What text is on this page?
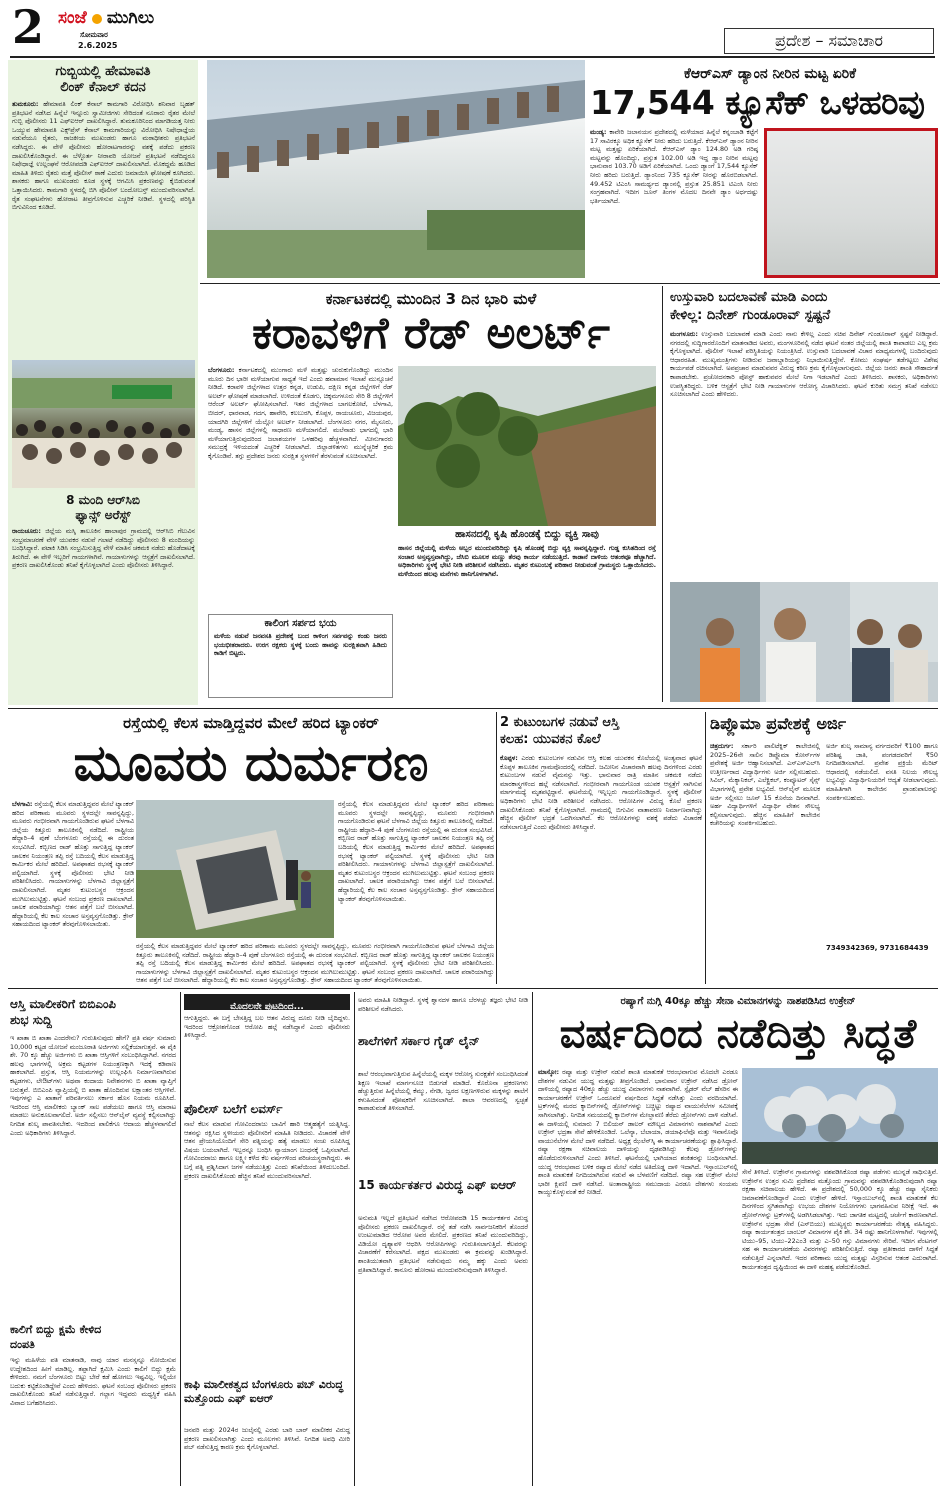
2 ಸಂಜೆ ಮುಗಿಲು
ಸೋಮವಾರ
2.6.2025	ಪ್ರದೇಶ – ಸಮಾಚಾರ
ಗುಬ್ಬಿಯಲ್ಲಿ ಹೇಮಾವತಿ
ಲಿಂಕ್ ಕೆನಾಲ್ ಕದನ
ತುಮಕೂರು: ಹೇಮಾವತಿ ಲಿಂಕ್ ಕೆನಾಲ್ ಕಾಮಗಾರಿ ವಿರೋಧಿಸಿ ಶನಿವಾರ ಬೃಹತ್ ಪ್ರತಿಭಟನೆ ನಡೆಸಿದ ಹಿನ್ನೆಲೆ ಇನ್ನೂರು ಸ್ವಾಮೀಜಿಗಳು ಸೇರಿದಂತೆ ನೂರಾರು ರೈತರ ಮೇಲೆ ಗುಬ್ಬಿ ಪೊಲೀಸರು 11 ಎಫ್‌ಐಆರ್ ದಾಖಲಿಸಿದ್ದಾರೆ. ತುಮಕೂರಿನಿಂದ ಮಾಗಡಿಯತ್ತ ನೀರು ಒಯ್ಯುವ ಹೇಮಾವತಿ ಎಕ್ಸ್‌ಪ್ರೆಸ್ ಕೆನಾಲ್ ಕಾಮಗಾರಿಯನ್ನು ವಿರೋಧಿಸಿ ನಿಷೇಧಾಜ್ಞೆಯ ನಡುವೆಯೂ ರೈತರು, ರಾಜಕೀಯ ಮುಖಂಡರು ಹಾಗೂ ಮಠಾಧೀಶರು ಪ್ರತಿಭಟನೆ ನಡೆಸಿದ್ದರು. ಈ ವೇಳೆ ಪೊಲೀಸರು ಹೋರಾಟಗಾರರನ್ನು ವಶಕ್ಕೆ ಪಡೆದು ಪ್ರಕರಣ ದಾಖಲಿಸಿಕೊಂಡಿದ್ದಾರೆ. ಈ ಬೆಳ್ಳೊರ್ತ ನೀರಾವರಿ ಯೋಜನೆ ಪ್ರತಿಭಟನೆ ನಡೆದಿದ್ದರೂ ನಿಷೇಧಾಜ್ಞೆ ಉಲ್ಲಂಘನೆ ಆರೋಪದಡಿ ಎಫ್‌ಐಆರ್ ದಾಖಲಿಸಲಾಗಿದೆ. ಮೊಕದ್ದಮೆ ಹೂಡಿದ ಮಾಹಿತಿ ತಿಳಿದು ರೈತರು ಮತ್ತೆ ಪೊಲೀಸ್ ಠಾಣೆ ಎದುರು ಜಮಾಯಿಸಿ ಘೋಷಣೆ ಕೂಗಿದರು. ಶಾಸಕರು ಹಾಗೂ ಮುಖಂಡರು ಕೂಡ ಸ್ಥಳಕ್ಕೆ ಆಗಮಿಸಿ ಪ್ರಕರಣವನ್ನು ಕೈಬಿಡುವಂತೆ ಒತ್ತಾಯಿಸಿದರು. ಕಾಮಗಾರಿ ಸ್ಥಳದಲ್ಲಿ ಬಿಗಿ ಪೊಲೀಸ್ ಬಂದೋಬಸ್ತ್ ಮುಂದುವರಿಸಲಾಗಿದೆ. ರೈತ ಸಂಘಟನೆಗಳು ಹೋರಾಟ ತೀವ್ರಗೊಳಿಸುವ ಎಚ್ಚರಿಕೆ ನೀಡಿವೆ. ಸ್ಥಳದಲ್ಲಿ ಪರಿಸ್ಥಿತಿ ಬಿಗುವಿನಿಂದ ಕೂಡಿದೆ.
8 ಮಂದಿ ಆರ್‌ಸಿಬಿ
ಫ್ಯಾನ್ಸ್ ಅರೆಸ್ಟ್
ರಾಯಚೂರು: ಜಿಲ್ಲೆಯ ಮಸ್ಕಿ ತಾಲೂಕಿನ ಹಾಲಾಪುರ ಗ್ರಾಮದಲ್ಲಿ ಆರ್‌ಸಿಬಿ ಗೆಲುವಿನ ಸಂಭ್ರಮಾಚರಣೆ ವೇಳೆ ಯುವಕರ ನಡುವೆ ಗಲಾಟೆ ನಡೆದಿದ್ದು ಪೊಲೀಸರು 8 ಮಂದಿಯನ್ನು ಬಂಧಿಸಿದ್ದಾರೆ. ಪಟಾಕಿ ಸಿಡಿಸಿ ಸಂಭ್ರಮಿಸುತ್ತಿದ್ದ ವೇಳೆ ಮಾತಿನ ಚಕಮಕಿ ನಡೆದು ಹೊಡೆದಾಟಕ್ಕೆ ತಿರುಗಿದೆ. ಈ ವೇಳೆ ಇಬ್ಬರಿಗೆ ಗಾಯಗಳಾಗಿವೆ. ಗಾಯಾಳುಗಳನ್ನು ಆಸ್ಪತ್ರೆಗೆ ದಾಖಲಿಸಲಾಗಿದೆ. ಪ್ರಕರಣ ದಾಖಲಿಸಿಕೊಂಡು ತನಿಖೆ ಕೈಗೊಳ್ಳಲಾಗಿದೆ ಎಂದು ಪೊಲೀಸರು ತಿಳಿಸಿದ್ದಾರೆ.
ಕೆಆರ್‌ಎಸ್ ಡ್ಯಾಂನ ನೀರಿನ ಮಟ್ಟ ಏರಿಕೆ
17,544 ಕ್ಯೂಸೆಕ್ ಒಳಹರಿವು
ಮಂಡ್ಯ: ಕಾವೇರಿ ಜಲಾನಯನ ಪ್ರದೇಶದಲ್ಲಿ ಮಳೆಯಾದ ಹಿನ್ನೆಲೆ ಕನ್ನಂಬಾಡಿ ಕಟ್ಟೆಗೆ 17 ಸಾವಿರಕ್ಕೂ ಅಧಿಕ ಕ್ಯೂಸೆಕ್ ನೀರು ಹರಿದು ಬರುತ್ತಿದೆ. ಕೆಆರ್‌ಎಸ್ ಡ್ಯಾಂನ ನೀರಿನ ಮಟ್ಟ ಮತ್ತಷ್ಟು ಏರಿಕೆಯಾಗಿದೆ. ಕೆಆರ್‌ಎಸ್ ಡ್ಯಾಂ 124.80 ಅಡಿ ಗರಿಷ್ಠ ಮಟ್ಟವನ್ನು ಹೊಂದಿದ್ದು, ಪ್ರಸ್ತುತ 102.00 ಅಡಿ ಇದ್ದ ಡ್ಯಾಂ ನೀರಿನ ಮಟ್ಟವು ಭಾನುವಾರ 103.70 ಅಡಿಗೆ ಏರಿಕೆಯಾಗಿದೆ. ಒಂದು ಡ್ಯಾಂಗೆ 17,544 ಕ್ಯೂಸೆಕ್ ನೀರು ಹರಿದು ಬರುತ್ತಿದೆ. ಡ್ಯಾಂನಿಂದ 735 ಕ್ಯೂಸೆಕ್ ನೀರನ್ನು ಹೊರಬಿಡಲಾಗಿದೆ. 49.452 ಟಿಎಂಸಿ ಸಾಮರ್ಥ್ಯದ ಡ್ಯಾಂನಲ್ಲಿ ಪ್ರಸ್ತುತ 25.851 ಟಿಎಂಸಿ ನೀರು ಸಂಗ್ರಹವಾಗಿದೆ. ಇದೀಗ ಜೂನ್ ತಿಂಗಳ ಮೊದಲ ದಿನವೇ ಡ್ಯಾಂ ಅರ್ಧದಷ್ಟು ಭರ್ತಿಯಾಗಿದೆ.
ಕರ್ನಾಟಕದಲ್ಲಿ ಮುಂದಿನ 3 ದಿನ ಭಾರಿ ಮಳೆ
ಕರಾವಳಿಗೆ ರೆಡ್ ಅಲರ್ಟ್
ಬೆಂಗಳೂರು: ಕರ್ನಾಟಕದಲ್ಲಿ ಮುಂಗಾರು ಮಳೆ ಮತ್ತಷ್ಟು ಚುರುಕುಗೊಂಡಿದ್ದು ಮುಂದಿನ ಮೂರು ದಿನ ಭಾರೀ ಮಳೆಯಾಗುವ ಸಾಧ್ಯತೆ ಇದೆ ಎಂದು ಹವಾಮಾನ ಇಲಾಖೆ ಮುನ್ಸೂಚನೆ ನೀಡಿದೆ. ಕರಾವಳಿ ಜಿಲ್ಲೆಗಳಾದ ಉತ್ತರ ಕನ್ನಡ, ಉಡುಪಿ, ದಕ್ಷಿಣ ಕನ್ನಡ ಜಿಲ್ಲೆಗಳಿಗೆ ರೆಡ್ ಅಲರ್ಟ್ ಘೋಷಣೆ ಮಾಡಲಾಗಿದೆ. ಉಳಿದಂತೆ ಕೊಡಗು, ಚಿಕ್ಕಮಗಳೂರು ಸೇರಿ 8 ಜಿಲ್ಲೆಗಳಿಗೆ ಆರೆಂಜ್ ಅಲರ್ಟ್ ಘೋಷಿಸಲಾಗಿದೆ. ಇತರ ಜಿಲ್ಲೆಗಳಾದ ಬಾಗಲಕೋಟೆ, ಬೆಳಗಾವಿ, ಬೀದರ್, ಧಾರವಾಡ, ಗದಗ, ಹಾವೇರಿ, ಕಲಬುರಗಿ, ಕೊಪ್ಪಳ, ರಾಯಚೂರು, ವಿಜಯಪುರ, ಯಾದಗಿರಿ ಜಿಲ್ಲೆಗಳಿಗೆ ಯೆಲ್ಲೋ ಅಲರ್ಟ್ ನೀಡಲಾಗಿದೆ. ಬೆಂಗಳೂರು ನಗರ, ಮೈಸೂರು, ಮಂಡ್ಯ, ಹಾಸನ ಜಿಲ್ಲೆಗಳಲ್ಲಿ ಸಾಧಾರಣ ಮಳೆಯಾಗಲಿದೆ. ಮಲೆನಾಡು ಭಾಗದಲ್ಲಿ ಭಾರಿ ಮಳೆಯಾಗುತ್ತಿರುವುದರಿಂದ ಜಲಾಶಯಗಳ ಒಳಹರಿವು ಹೆಚ್ಚಳವಾಗಿದೆ. ಮೀನುಗಾರರು ಸಮುದ್ರಕ್ಕೆ ಇಳಿಯದಂತೆ ಎಚ್ಚರಿಕೆ ನೀಡಲಾಗಿದೆ. ಜಿಲ್ಲಾಡಳಿತಗಳು ಮುನ್ನೆಚ್ಚರಿಕೆ ಕ್ರಮ ಕೈಗೊಂಡಿವೆ. ತಗ್ಗು ಪ್ರದೇಶದ ಜನರು ಸುರಕ್ಷಿತ ಸ್ಥಳಗಳಿಗೆ ತೆರಳುವಂತೆ ಸೂಚಿಸಲಾಗಿದೆ.
ಹಾಸನದಲ್ಲಿ ಕೃಷಿ ಹೊಂಡಕ್ಕೆ ಬಿದ್ದು ವ್ಯಕ್ತಿ ಸಾವು
ಹಾಸನ ಜಿಲ್ಲೆಯಲ್ಲಿ ಮಳೆಯ ಅಬ್ಬರ ಮುಂದುವರಿದಿದ್ದು ಕೃಷಿ ಹೊಂಡಕ್ಕೆ ಬಿದ್ದು ವ್ಯಕ್ತಿ ಸಾವನ್ನಪ್ಪಿದ್ದಾರೆ. ಗುಡ್ಡ ಕುಸಿತದಿಂದ ರಸ್ತೆ ಸಂಚಾರ ಅಸ್ತವ್ಯಸ್ತವಾಗಿದ್ದು, ಜೆಸಿಬಿ ಮೂಲಕ ಮಣ್ಣು ತೆರವು ಕಾರ್ಯ ನಡೆಯುತ್ತಿದೆ. ಕಾಡಾನೆ ದಾಳಿಯ ಆತಂಕವೂ ಹೆಚ್ಚಾಗಿದೆ. ಅಧಿಕಾರಿಗಳು ಸ್ಥಳಕ್ಕೆ ಭೇಟಿ ನೀಡಿ ಪರಿಶೀಲನೆ ನಡೆಸಿದರು. ಮೃತರ ಕುಟುಂಬಕ್ಕೆ ಪರಿಹಾರ ನೀಡುವಂತೆ ಗ್ರಾಮಸ್ಥರು ಒತ್ತಾಯಿಸಿದರು. ಮಳೆಯಿಂದ ಹಲವು ಮನೆಗಳು ಹಾನಿಗೊಳಗಾಗಿವೆ.
ಕಾಲಿಂಗ ಸರ್ಪದ ಭಯ
ಮಳೆಯ ನಡುವೆ ಜನವಸತಿ ಪ್ರದೇಶಕ್ಕೆ ಬಂದ ಕಾಳಿಂಗ ಸರ್ಪವನ್ನು ಕಂಡು ಜನರು ಭಯಭೀತರಾದರು. ಉರಗ ರಕ್ಷಕರು ಸ್ಥಳಕ್ಕೆ ಬಂದು ಹಾವನ್ನು ಸುರಕ್ಷಿತವಾಗಿ ಹಿಡಿದು ಕಾಡಿಗೆ ಬಿಟ್ಟರು.
ಉಸ್ತುವಾರಿ ಬದಲಾವಣೆ ಮಾಡಿ ಎಂದು
ಕೇಳಿಲ್ಲ: ದಿನೇಶ್ ಗುಂಡೂರಾವ್ ಸ್ಪಷ್ಟನೆ
ಮಂಗಳೂರು: ಉಸ್ತುವಾರಿ ಬದಲಾವಣೆ ಮಾಡಿ ಎಂದು ನಾನು ಕೇಳಿಲ್ಲ ಎಂದು ಸಚಿವ ದಿನೇಶ್ ಗುಂಡೂರಾವ್ ಸ್ಪಷ್ಟನೆ ನೀಡಿದ್ದಾರೆ. ನಗರದಲ್ಲಿ ಸುದ್ದಿಗಾರರೊಂದಿಗೆ ಮಾತನಾಡಿದ ಅವರು, ಮಂಗಳೂರಿನಲ್ಲಿ ನಡೆದ ಘಟನೆ ನಂತರ ಜಿಲ್ಲೆಯಲ್ಲಿ ಶಾಂತಿ ಕಾಪಾಡಲು ಎಲ್ಲ ಕ್ರಮ ಕೈಗೊಳ್ಳಲಾಗಿದೆ. ಪೊಲೀಸ್ ಇಲಾಖೆ ಪರಿಸ್ಥಿತಿಯನ್ನು ನಿಯಂತ್ರಿಸಿದೆ. ಉಸ್ತುವಾರಿ ಬದಲಾವಣೆ ವಿಚಾರ ಮಾಧ್ಯಮಗಳಲ್ಲಿ ಬಂದಿರುವುದು ಆಧಾರರಹಿತ. ಮುಖ್ಯಮಂತ್ರಿಗಳು ನೀಡಿರುವ ಜವಾಬ್ದಾರಿಯನ್ನು ನಿಭಾಯಿಸುತ್ತಿದ್ದೇನೆ. ಕೋಮು ಸಂಘರ್ಷ ತಡೆಗಟ್ಟಲು ವಿಶೇಷ ಕಾರ್ಯಪಡೆ ರಚಿಸಲಾಗಿದೆ. ಅಪಪ್ರಚಾರ ಮಾಡುವವರ ವಿರುದ್ಧ ಕಠಿಣ ಕ್ರಮ ಕೈಗೊಳ್ಳಲಾಗುವುದು. ಜಿಲ್ಲೆಯ ಜನರು ಶಾಂತಿ ಸೌಹಾರ್ದತೆ ಕಾಪಾಡಬೇಕು. ಪ್ರಚೋದನಕಾರಿ ಪೋಸ್ಟ್ ಹಾಕುವವರ ಮೇಲೆ ನಿಗಾ ಇಡಲಾಗಿದೆ ಎಂದು ತಿಳಿಸಿದರು. ಶಾಸಕರು, ಅಧಿಕಾರಿಗಳು ಉಪಸ್ಥಿತರಿದ್ದರು. ಬಳಿಕ ಆಸ್ಪತ್ರೆಗೆ ಭೇಟಿ ನೀಡಿ ಗಾಯಾಳುಗಳ ಆರೋಗ್ಯ ವಿಚಾರಿಸಿದರು. ಘಟನೆ ಕುರಿತು ಸಮಗ್ರ ತನಿಖೆ ನಡೆಸಲು ಸೂಚಿಸಲಾಗಿದೆ ಎಂದು ಹೇಳಿದರು.
ರಸ್ತೆಯಲ್ಲಿ ಕೆಲಸ ಮಾಡ್ತಿದ್ದವರ ಮೇಲೆ ಹರಿದ ಟ್ಯಾಂಕರ್
ಮೂವರು ದುರ್ಮರಣ
ಬೆಳಗಾವಿ: ರಸ್ತೆಯಲ್ಲಿ ಕೆಲಸ ಮಾಡುತ್ತಿದ್ದವರ ಮೇಲೆ ಟ್ಯಾಂಕರ್ ಹರಿದ ಪರಿಣಾಮ ಮೂವರು ಸ್ಥಳದಲ್ಲೇ ಸಾವನ್ನಪ್ಪಿದ್ದು, ಮೂವರು ಗಂಭೀರವಾಗಿ ಗಾಯಗೊಂಡಿರುವ ಘಟನೆ ಬೆಳಗಾವಿ ಜಿಲ್ಲೆಯ ಕಿತ್ತೂರು ತಾಲೂಕಿನಲ್ಲಿ ನಡೆದಿದೆ. ರಾಷ್ಟ್ರೀಯ ಹೆದ್ದಾರಿ–4 ಪುಣೆ ಬೆಂಗಳೂರು ರಸ್ತೆಯಲ್ಲಿ ಈ ದುರಂತ ಸಂಭವಿಸಿದೆ. ಕಬ್ಬಿಣದ ರಾಡ್ ಹೊತ್ತು ಸಾಗುತ್ತಿದ್ದ ಟ್ಯಾಂಕರ್ ಚಾಲಕನ ನಿಯಂತ್ರಣ ತಪ್ಪಿ ರಸ್ತೆ ಬದಿಯಲ್ಲಿ ಕೆಲಸ ಮಾಡುತ್ತಿದ್ದ ಕಾರ್ಮಿಕರ ಮೇಲೆ ಹರಿದಿದೆ. ಅಪಘಾತದ ರಭಸಕ್ಕೆ ಟ್ಯಾಂಕರ್ ಪಲ್ಟಿಯಾಗಿದೆ. ಸ್ಥಳಕ್ಕೆ ಪೊಲೀಸರು ಭೇಟಿ ನೀಡಿ ಪರಿಶೀಲಿಸಿದರು. ಗಾಯಾಳುಗಳನ್ನು ಬೆಳಗಾವಿ ಜಿಲ್ಲಾಸ್ಪತ್ರೆಗೆ ದಾಖಲಿಸಲಾಗಿದೆ. ಮೃತರ ಕುಟುಂಬಸ್ಥರ ಆಕ್ರಂದನ ಮುಗಿಲುಮುಟ್ಟಿತ್ತು. ಘಟನೆ ಸಂಬಂಧ ಪ್ರಕರಣ ದಾಖಲಾಗಿದೆ. ಚಾಲಕ ಪರಾರಿಯಾಗಿದ್ದು ಆತನ ಪತ್ತೆಗೆ ಬಲೆ ಬೀಸಲಾಗಿದೆ. ಹೆದ್ದಾರಿಯಲ್ಲಿ ಕೆಲ ಕಾಲ ಸಂಚಾರ ಅಸ್ತವ್ಯಸ್ತಗೊಂಡಿತ್ತು. ಕ್ರೇನ್ ಸಹಾಯದಿಂದ ಟ್ಯಾಂಕರ್ ತೆರವುಗೊಳಿಸಲಾಯಿತು.
ರಸ್ತೆಯಲ್ಲಿ ಕೆಲಸ ಮಾಡುತ್ತಿದ್ದವರ ಮೇಲೆ ಟ್ಯಾಂಕರ್ ಹರಿದ ಪರಿಣಾಮ ಮೂವರು ಸ್ಥಳದಲ್ಲೇ ಸಾವನ್ನಪ್ಪಿದ್ದು, ಮೂವರು ಗಂಭೀರವಾಗಿ ಗಾಯಗೊಂಡಿರುವ ಘಟನೆ ಬೆಳಗಾವಿ ಜಿಲ್ಲೆಯ ಕಿತ್ತೂರು ತಾಲೂಕಿನಲ್ಲಿ ನಡೆದಿದೆ. ರಾಷ್ಟ್ರೀಯ ಹೆದ್ದಾರಿ–4 ಪುಣೆ ಬೆಂಗಳೂರು ರಸ್ತೆಯಲ್ಲಿ ಈ ದುರಂತ ಸಂಭವಿಸಿದೆ. ಕಬ್ಬಿಣದ ರಾಡ್ ಹೊತ್ತು ಸಾಗುತ್ತಿದ್ದ ಟ್ಯಾಂಕರ್ ಚಾಲಕನ ನಿಯಂತ್ರಣ ತಪ್ಪಿ ರಸ್ತೆ ಬದಿಯಲ್ಲಿ ಕೆಲಸ ಮಾಡುತ್ತಿದ್ದ ಕಾರ್ಮಿಕರ ಮೇಲೆ ಹರಿದಿದೆ. ಅಪಘಾತದ ರಭಸಕ್ಕೆ ಟ್ಯಾಂಕರ್ ಪಲ್ಟಿಯಾಗಿದೆ. ಸ್ಥಳಕ್ಕೆ ಪೊಲೀಸರು ಭೇಟಿ ನೀಡಿ ಪರಿಶೀಲಿಸಿದರು. ಗಾಯಾಳುಗಳನ್ನು ಬೆಳಗಾವಿ ಜಿಲ್ಲಾಸ್ಪತ್ರೆಗೆ ದಾಖಲಿಸಲಾಗಿದೆ. ಮೃತರ ಕುಟುಂಬಸ್ಥರ ಆಕ್ರಂದನ ಮುಗಿಲುಮುಟ್ಟಿತ್ತು. ಘಟನೆ ಸಂಬಂಧ ಪ್ರಕರಣ ದಾಖಲಾಗಿದೆ. ಚಾಲಕ ಪರಾರಿಯಾಗಿದ್ದು ಆತನ ಪತ್ತೆಗೆ ಬಲೆ ಬೀಸಲಾಗಿದೆ. ಹೆದ್ದಾರಿಯಲ್ಲಿ ಕೆಲ ಕಾಲ ಸಂಚಾರ ಅಸ್ತವ್ಯಸ್ತಗೊಂಡಿತ್ತು. ಕ್ರೇನ್ ಸಹಾಯದಿಂದ ಟ್ಯಾಂಕರ್ ತೆರವುಗೊಳಿಸಲಾಯಿತು.
ರಸ್ತೆಯಲ್ಲಿ ಕೆಲಸ ಮಾಡುತ್ತಿದ್ದವರ ಮೇಲೆ ಟ್ಯಾಂಕರ್ ಹರಿದ ಪರಿಣಾಮ ಮೂವರು ಸ್ಥಳದಲ್ಲೇ ಸಾವನ್ನಪ್ಪಿದ್ದು, ಮೂವರು ಗಂಭೀರವಾಗಿ ಗಾಯಗೊಂಡಿರುವ ಘಟನೆ ಬೆಳಗಾವಿ ಜಿಲ್ಲೆಯ ಕಿತ್ತೂರು ತಾಲೂಕಿನಲ್ಲಿ ನಡೆದಿದೆ. ರಾಷ್ಟ್ರೀಯ ಹೆದ್ದಾರಿ–4 ಪುಣೆ ಬೆಂಗಳೂರು ರಸ್ತೆಯಲ್ಲಿ ಈ ದುರಂತ ಸಂಭವಿಸಿದೆ. ಕಬ್ಬಿಣದ ರಾಡ್ ಹೊತ್ತು ಸಾಗುತ್ತಿದ್ದ ಟ್ಯಾಂಕರ್ ಚಾಲಕನ ನಿಯಂತ್ರಣ ತಪ್ಪಿ ರಸ್ತೆ ಬದಿಯಲ್ಲಿ ಕೆಲಸ ಮಾಡುತ್ತಿದ್ದ ಕಾರ್ಮಿಕರ ಮೇಲೆ ಹರಿದಿದೆ. ಅಪಘಾತದ ರಭಸಕ್ಕೆ ಟ್ಯಾಂಕರ್ ಪಲ್ಟಿಯಾಗಿದೆ. ಸ್ಥಳಕ್ಕೆ ಪೊಲೀಸರು ಭೇಟಿ ನೀಡಿ ಪರಿಶೀಲಿಸಿದರು. ಗಾಯಾಳುಗಳನ್ನು ಬೆಳಗಾವಿ ಜಿಲ್ಲಾಸ್ಪತ್ರೆಗೆ ದಾಖಲಿಸಲಾಗಿದೆ. ಮೃತರ ಕುಟುಂಬಸ್ಥರ ಆಕ್ರಂದನ ಮುಗಿಲುಮುಟ್ಟಿತ್ತು. ಘಟನೆ ಸಂಬಂಧ ಪ್ರಕರಣ ದಾಖಲಾಗಿದೆ. ಚಾಲಕ ಪರಾರಿಯಾಗಿದ್ದು ಆತನ ಪತ್ತೆಗೆ ಬಲೆ ಬೀಸಲಾಗಿದೆ. ಹೆದ್ದಾರಿಯಲ್ಲಿ ಕೆಲ ಕಾಲ ಸಂಚಾರ ಅಸ್ತವ್ಯಸ್ತಗೊಂಡಿತ್ತು. ಕ್ರೇನ್ ಸಹಾಯದಿಂದ ಟ್ಯಾಂಕರ್ ತೆರವುಗೊಳಿಸಲಾಯಿತು.
2 ಕುಟುಂಬಗಳ ನಡುವೆ ಆಸ್ತಿ
ಕಲಹ: ಯುವಕನ ಕೊಲೆ
ಕೊಪ್ಪಳ: ಎರಡು ಕುಟುಂಬಗಳ ನಡುವಿನ ಆಸ್ತಿ ಕಲಹ ಯುವಕನ ಕೊಲೆಯಲ್ಲಿ ಅಂತ್ಯವಾದ ಘಟನೆ ಕೊಪ್ಪಳ ತಾಲೂಕಿನ ಗ್ರಾಮವೊಂದರಲ್ಲಿ ನಡೆದಿದೆ. ಜಮೀನಿನ ವಿಚಾರವಾಗಿ ಹಲವು ದಿನಗಳಿಂದ ಎರಡು ಕುಟುಂಬಗಳ ನಡುವೆ ವೈಮನಸ್ಸು ಇತ್ತು. ಭಾನುವಾರ ರಾತ್ರಿ ಮಾತಿನ ಚಕಮಕಿ ನಡೆದು ಮಾರಕಾಸ್ತ್ರಗಳಿಂದ ಹಲ್ಲೆ ನಡೆಸಲಾಗಿದೆ. ಗಂಭೀರವಾಗಿ ಗಾಯಗೊಂಡ ಯುವಕ ಆಸ್ಪತ್ರೆಗೆ ಸಾಗಿಸುವ ಮಾರ್ಗಮಧ್ಯೆ ಮೃತಪಟ್ಟಿದ್ದಾನೆ. ಘಟನೆಯಲ್ಲಿ ಇನ್ನಿಬ್ಬರು ಗಾಯಗೊಂಡಿದ್ದಾರೆ. ಸ್ಥಳಕ್ಕೆ ಪೊಲೀಸ್ ಅಧಿಕಾರಿಗಳು ಭೇಟಿ ನೀಡಿ ಪರಿಶೀಲನೆ ನಡೆಸಿದರು. ಆರೋಪಿಗಳ ವಿರುದ್ಧ ಕೊಲೆ ಪ್ರಕರಣ ದಾಖಲಿಸಿಕೊಂಡು ತನಿಖೆ ಕೈಗೊಳ್ಳಲಾಗಿದೆ. ಗ್ರಾಮದಲ್ಲಿ ಬಿಗುವಿನ ವಾತಾವರಣ ನಿರ್ಮಾಣವಾಗಿದ್ದು ಹೆಚ್ಚಿನ ಪೊಲೀಸ್ ಭದ್ರತೆ ಒದಗಿಸಲಾಗಿದೆ. ಕೆಲ ಆರೋಪಿಗಳನ್ನು ವಶಕ್ಕೆ ಪಡೆದು ವಿಚಾರಣೆ ನಡೆಸಲಾಗುತ್ತಿದೆ ಎಂದು ಪೊಲೀಸರು ತಿಳಿಸಿದ್ದಾರೆ.
ಡಿಪ್ಲೊಮಾ ಪ್ರವೇಶಕ್ಕೆ ಅರ್ಜಿ
ಚಿತ್ರದುರ್ಗ: ಸರ್ಕಾರಿ ಪಾಲಿಟೆಕ್ನಿಕ್ ಕಾಲೇಜಿನಲ್ಲಿ 2025–26ನೇ ಸಾಲಿನ ಡಿಪ್ಲೊಮಾ ಕೋರ್ಸ್‌ಗಳ ಪ್ರವೇಶಕ್ಕೆ ಅರ್ಜಿ ಆಹ್ವಾನಿಸಲಾಗಿದೆ. ಎಸ್‌ಎಸ್‌ಎಲ್‌ಸಿ ಉತ್ತೀರ್ಣರಾದ ವಿದ್ಯಾರ್ಥಿಗಳು ಅರ್ಜಿ ಸಲ್ಲಿಸಬಹುದು. ಸಿವಿಲ್, ಮೆಕ್ಯಾನಿಕಲ್, ಎಲೆಕ್ಟ್ರಿಕಲ್, ಕಂಪ್ಯೂಟರ್ ಸೈನ್ಸ್ ವಿಭಾಗಗಳಲ್ಲಿ ಪ್ರವೇಶ ಲಭ್ಯವಿದೆ. ಆನ್‌ಲೈನ್ ಮೂಲಕ ಅರ್ಜಿ ಸಲ್ಲಿಸಲು ಜೂನ್ 15 ಕೊನೆಯ ದಿನವಾಗಿದೆ. ಅರ್ಹ ವಿದ್ಯಾರ್ಥಿಗಳಿಗೆ ವಿದ್ಯಾರ್ಥಿ ವೇತನ ಸೌಲಭ್ಯ ಕಲ್ಪಿಸಲಾಗುವುದು. ಹೆಚ್ಚಿನ ಮಾಹಿತಿಗೆ ಕಾಲೇಜಿನ ಕಚೇರಿಯನ್ನು ಸಂಪರ್ಕಿಸಬಹುದು.
ಅರ್ಜಿ ಶುಲ್ಕ ಸಾಮಾನ್ಯ ವರ್ಗದವರಿಗೆ ₹100 ಹಾಗೂ ಪರಿಶಿಷ್ಟ ಜಾತಿ, ಪಂಗಡದವರಿಗೆ ₹50 ನಿಗದಿಪಡಿಸಲಾಗಿದೆ. ಪ್ರವೇಶ ಪ್ರಕ್ರಿಯೆ ಮೆರಿಟ್ ಆಧಾರದಲ್ಲಿ ನಡೆಯಲಿದೆ. ವಸತಿ ನಿಲಯ ಸೌಲಭ್ಯ ಲಭ್ಯವಿದ್ದು ವಿದ್ಯಾರ್ಥಿನಿಯರಿಗೆ ಆದ್ಯತೆ ನೀಡಲಾಗುವುದು. ಮಾಹಿತಿಗಾಗಿ ಕಾಲೇಜಿನ ಪ್ರಾಂಶುಪಾಲರನ್ನು ಸಂಪರ್ಕಿಸಬಹುದು.
7349342369, 9731684439
ಆಸ್ತಿ ಮಾಲೀಕರಿಗೆ ಬಿಬಿಎಂಪಿ
ಶುಭ ಸುದ್ದಿ
ಇ ಖಾತಾ ಬಿ ಖಾತಾ ಎಂದರೇನು? ಗುರುತಿಸುವುದು ಹೇಗೆ? ಪ್ರತಿ ವರ್ಷ ಸುಮಾರು 10,000 ಕಟ್ಟಡ ಯೋಜನೆ ಮಂಜೂರಾತಿ ಅರ್ಜಿಗಳು ಸಲ್ಲಿಕೆಯಾಗುತ್ತವೆ. ಈ ಪೈಕಿ ಶೇ. 70 ಕ್ಕೂ ಹೆಚ್ಚು ಅರ್ಜಿಗಳು ಬಿ ಖಾತಾ ಆಸ್ತಿಗಳಿಗೆ ಸಂಬಂಧಿಸಿದ್ದಾಗಿವೆ. ನಗರದ ಹಲವು ಭಾಗಗಳಲ್ಲಿ ಅಕ್ರಮ ಕಟ್ಟಡಗಳ ನಿಯಂತ್ರಣಕ್ಕಾಗಿ ಇದಕ್ಕೆ ಕಡಿವಾಣ ಹಾಕಲಾಗಿದೆ. ಪ್ರಸ್ತುತ, ಆಸ್ತಿ ನಿಯಮಗಳನ್ನು ಉಲ್ಲಂಘಿಸಿ ನಿರ್ಮಾಣವಾಗಿರುವ ಕಟ್ಟಡಗಳು, ಲೇಔಟ್‌ಗಳು ಅಥವಾ ಕಂದಾಯ ನಿವೇಶನಗಳು ಬಿ ಖಾತಾ ವ್ಯಾಪ್ತಿಗೆ ಬರುತ್ತವೆ. ಬಿಬಿಎಂಪಿ ವ್ಯಾಪ್ತಿಯಲ್ಲಿ ಬಿ ಖಾತಾ ಹೊಂದಿರುವ ಲಕ್ಷಾಂತರ ಆಸ್ತಿಗಳಿವೆ. ಇವುಗಳನ್ನು ಎ ಖಾತಾಗೆ ಪರಿವರ್ತಿಸಲು ಸರ್ಕಾರ ಹೊಸ ನಿಯಮ ರೂಪಿಸಿದೆ. ಇದರಿಂದ ಆಸ್ತಿ ಮಾಲೀಕರು ಬ್ಯಾಂಕ್ ಸಾಲ ಪಡೆಯಲು ಹಾಗೂ ಆಸ್ತಿ ಮಾರಾಟ ಮಾಡಲು ಅನುಕೂಲವಾಗಲಿದೆ. ಅರ್ಜಿ ಸಲ್ಲಿಸಲು ಆನ್‌ಲೈನ್ ವ್ಯವಸ್ಥೆ ಕಲ್ಪಿಸಲಾಗಿದ್ದು ನಿಗದಿತ ಶುಲ್ಕ ಪಾವತಿಸಬೇಕು. ಇದರಿಂದ ಪಾಲಿಕೆಗೂ ಆದಾಯ ಹೆಚ್ಚಳವಾಗಲಿದೆ ಎಂದು ಅಧಿಕಾರಿಗಳು ತಿಳಿಸಿದ್ದಾರೆ.
ಕಾಲಿಗೆ ಬಿದ್ದು ಕ್ಷಮೆ ಕೇಳಿದ
ದಂಪತಿ
ಇನ್ನು ಮಹಿಳೆಯ ಪತಿ ಮಾತನಾಡಿ, ನಾವು ಯಾರ ಮನಸ್ಸನ್ನೂ ನೋಯಿಸುವ ಉದ್ದೇಶದಿಂದ ಹೀಗೆ ಮಾಡಿಲ್ಲ. ತಪ್ಪಾಗಿದೆ ಕ್ಷಮಿಸಿ ಎಂದು ಕಾಲಿಗೆ ಬಿದ್ದು ಕ್ಷಮೆ ಕೇಳಿದರು. ನಮಗೆ ಬೆಂಗಳೂರು ಬಿಟ್ಟು ಬೇರೆ ಕಡೆ ಹೋಗಲು ಇಷ್ಟವಿಲ್ಲ. ಇಲ್ಲಿಯೇ ಬದುಕು ಕಟ್ಟಿಕೊಂಡಿದ್ದೇವೆ ಎಂದು ಹೇಳಿದರು. ಘಟನೆ ಸಂಬಂಧ ಪೊಲೀಸರು ಪ್ರಕರಣ ದಾಖಲಿಸಿಕೊಂಡು ತನಿಖೆ ನಡೆಸುತ್ತಿದ್ದಾರೆ. ಗಲ್ಲಾಗ ಇದ್ದವರು ಮಧ್ಯಸ್ಥಿಕೆ ವಹಿಸಿ ವಿವಾದ ಬಗೆಹರಿಸಿದರು.
ಮೊದಲನೇ ಪುಟದಿಂದ...
ಆಗುತ್ತಿದ್ದರು. ಈ ಬಗ್ಗೆ ಬೇಸತ್ತಿದ್ದ ಬಲ ಆತನ ವಿರುದ್ಧ ದೂರು ನೀಡಿ ಬೈದಿದ್ದಳು. ಇದರಿಂದ ಆಕ್ರೋಶಗೊಂಡ ಆರೋಪಿ ಹಲ್ಲೆ ನಡೆಸಿದ್ದಾನೆ ಎಂದು ಪೊಲೀಸರು ತಿಳಿಸಿದ್ದಾರೆ.
ಪೊಲೀಸ್ ಬಲೆಗೆ ಲವರ್ಸ್
ನಾಲೆ ಕೆಲಸ ಮಾಡುವ ಗೋವಿಂದರಾಜು ಬಾವಿಗೆ ಹಾರಿ ಆತ್ಮಹತ್ಯೆಗೆ ಯತ್ನಿಸಿದ್ದ. ಆತನನ್ನು ರಕ್ಷಿಸಿದ ಸ್ಥಳೀಯರು ಪೊಲೀಸರಿಗೆ ಮಾಹಿತಿ ನೀಡಿದರು. ವಿಚಾರಣೆ ವೇಳೆ ಆತನ ಪ್ರೇಯಸಿಯೊಂದಿಗೆ ಸೇರಿ ಪತ್ನಿಯನ್ನು ಹತ್ಯೆ ಮಾಡಲು ಸಂಚು ರೂಪಿಸಿದ್ದ ವಿಷಯ ಬಯಲಾಗಿದೆ. ಇಬ್ಬರನ್ನೂ ಬಂಧಿಸಿ ನ್ಯಾಯಾಂಗ ಬಂಧನಕ್ಕೆ ಒಪ್ಪಿಸಲಾಗಿದೆ. ಗೋವಿಂದರಾಜು ಹಾಗೂ ಲಕ್ಷ್ಮೀ ಕಳೆದ ಕೆಲ ವರ್ಷಗಳಿಂದ ಪರಿಚಯಸ್ಥರಾಗಿದ್ದರು. ಈ ಬಗ್ಗೆ ಪತ್ನಿ ಪ್ರಶ್ನಿಸಿದಾಗ ಜಗಳ ನಡೆಯುತ್ತಿತ್ತು ಎಂದು ತನಿಖೆಯಿಂದ ತಿಳಿದುಬಂದಿದೆ. ಪ್ರಕರಣ ದಾಖಲಿಸಿಕೊಂಡು ಹೆಚ್ಚಿನ ತನಿಖೆ ಮುಂದುವರಿಸಲಾಗಿದೆ.
ಕಾಫಿ ಮಾಲೀಕತ್ವದ ಬೆಂಗಳೂರು ಪಬ್ ವಿರುದ್ಧ ಮತ್ತೊಂದು ಎಫ್ ಐಆರ್
ಜನವರಿ ಮತ್ತು 2024ರ ಜುಲೈನಲ್ಲಿ ಎರಡು ಬಾರಿ ಬಾರ್ ಮಾಲೀಕರ ವಿರುದ್ಧ ಪ್ರಕರಣ ದಾಖಲಿಸಲಾಗಿತ್ತು ಎಂದು ಮೂಲಗಳು ತಿಳಿಸಿವೆ. ನಿಗದಿತ ಅವಧಿ ಮೀರಿ ಪಬ್ ನಡೆಸುತ್ತಿದ್ದ ಕಾರಣ ಕ್ರಮ ಕೈಗೊಳ್ಳಲಾಗಿದೆ.
ಅವರು ಮಾಹಿತಿ ನೀಡಿದ್ದಾರೆ. ಸ್ಥಳಕ್ಕೆ ಶ್ವಾನದಳ ಹಾಗೂ ಬೆರಳಚ್ಚು ತಜ್ಞರು ಭೇಟಿ ನೀಡಿ ಪರಿಶೀಲನೆ ನಡೆಸಿದರು.
ಶಾಲೆಗಳಿಗೆ ಸರ್ಕಾರ ಗೈಡ್ ಲೈನ್
ಶಾಲೆ ಆರಂಭವಾಗುತ್ತಿರುವ ಹಿನ್ನೆಲೆಯಲ್ಲಿ ಮಕ್ಕಳ ಆರೋಗ್ಯ ಸುರಕ್ಷತೆಗೆ ಸಂಬಂಧಿಸಿದಂತೆ ಶಿಕ್ಷಣ ಇಲಾಖೆ ಮಾರ್ಗಸೂಚಿ ಬಿಡುಗಡೆ ಮಾಡಿದೆ. ಕೊರೊನಾ ಪ್ರಕರಣಗಳು ಹೆಚ್ಚುತ್ತಿರುವ ಹಿನ್ನೆಲೆಯಲ್ಲಿ ಕೆಮ್ಮು, ನೆಗಡಿ, ಜ್ವರದ ಲಕ್ಷಣಗಳಿರುವ ಮಕ್ಕಳನ್ನು ಶಾಲೆಗೆ ಕಳುಹಿಸದಂತೆ ಪೋಷಕರಿಗೆ ಸೂಚಿಸಲಾಗಿದೆ. ಶಾಲಾ ಆವರಣದಲ್ಲಿ ಸ್ವಚ್ಛತೆ ಕಾಪಾಡುವಂತೆ ತಿಳಿಸಲಾಗಿದೆ.
15 ಕಾರ್ಯಕರ್ತರ ವಿರುದ್ಧ ಎಫ್ ಐಆರ್
ಅನುಮತಿ ಇಲ್ಲದೆ ಪ್ರತಿಭಟನೆ ನಡೆಸಿದ ಆರೋಪದಡಿ 15 ಕಾರ್ಯಕರ್ತರ ವಿರುದ್ಧ ಪೊಲೀಸರು ಪ್ರಕರಣ ದಾಖಲಿಸಿದ್ದಾರೆ. ರಸ್ತೆ ತಡೆ ನಡೆಸಿ ಸಾರ್ವಜನಿಕರಿಗೆ ತೊಂದರೆ ಉಂಟುಮಾಡಿದ ಆರೋಪ ಅವರ ಮೇಲಿದೆ. ಪ್ರಕರಣದ ತನಿಖೆ ಮುಂದುವರಿದಿದ್ದು, ವಿಡಿಯೋ ದೃಶ್ಯಾವಳಿ ಆಧರಿಸಿ ಆರೋಪಿಗಳನ್ನು ಗುರುತಿಸಲಾಗುತ್ತಿದೆ. ಕೆಲವರನ್ನು ವಿಚಾರಣೆಗೆ ಕರೆಸಲಾಗಿದೆ. ಪಕ್ಷದ ಮುಖಂಡರು ಈ ಕ್ರಮವನ್ನು ಖಂಡಿಸಿದ್ದಾರೆ. ಶಾಂತಿಯುತವಾಗಿ ಪ್ರತಿಭಟನೆ ನಡೆಸುವುದು ನಮ್ಮ ಹಕ್ಕು ಎಂದು ಅವರು ಪ್ರತಿಪಾದಿಸಿದ್ದಾರೆ. ಕಾನೂನು ಹೋರಾಟ ಮುಂದುವರಿಸುವುದಾಗಿ ತಿಳಿಸಿದ್ದಾರೆ.
ರಷ್ಯಾಗೆ ನುಗ್ಗಿ 40ಕ್ಕೂ ಹೆಚ್ಚು ಸೇನಾ ವಿಮಾನಗಳನ್ನು ನಾಶಪಡಿಸಿದ ಉಕ್ರೇನ್
ವರ್ಷದಿಂದ ನಡೆದಿತ್ತು ಸಿದ್ಧತೆ
ಮಾಸ್ಕೋ: ರಷ್ಯಾ ಮತ್ತು ಉಕ್ರೇನ್ ನಡುವೆ ಶಾಂತಿ ಮಾತುಕತೆ ಆರಂಭವಾಗುವ ಮೊದಲೇ ಎರಡೂ ದೇಶಗಳ ನಡುವಿನ ಯುದ್ಧ ಮತ್ತಷ್ಟು ತೀವ್ರಗೊಂಡಿದೆ. ಭಾನುವಾರ ಉಕ್ರೇನ್ ನಡೆಸಿದ ಡ್ರೋನ್ ದಾಳಿಯಲ್ಲಿ ರಷ್ಯಾದ 40ಕ್ಕೂ ಹೆಚ್ಚು ಯುದ್ಧ ವಿಮಾನಗಳು ನಾಶವಾಗಿವೆ. ಸ್ಪೈಡರ್ ವೆಬ್ ಹೆಸರಿನ ಈ ಕಾರ್ಯಾಚರಣೆಗೆ ಉಕ್ರೇನ್ ಒಂದೂವರೆ ವರ್ಷದಿಂದ ಸಿದ್ಧತೆ ನಡೆಸಿತ್ತು ಎಂದು ವರದಿಯಾಗಿದೆ. ಟ್ರಕ್‌ಗಳಲ್ಲಿ ಮರದ ಕ್ಯಾಬಿನ್‌ಗಳಲ್ಲಿ ಡ್ರೋನ್‌ಗಳನ್ನು ಬಚ್ಚಿಟ್ಟು ರಷ್ಯಾದ ವಾಯುನೆಲೆಗಳ ಸಮೀಪಕ್ಕೆ ಸಾಗಿಸಲಾಗಿತ್ತು. ನಿಗದಿತ ಸಮಯದಲ್ಲಿ ಕ್ಯಾಬಿನ್‌ಗಳ ಮೇಲ್ಛಾವಣಿ ತೆರೆದು ಡ್ರೋನ್‌ಗಳು ದಾಳಿ ನಡೆಸಿವೆ. ಈ ದಾಳಿಯಲ್ಲಿ ಸುಮಾರು 7 ಬಿಲಿಯನ್ ಡಾಲರ್ ಮೌಲ್ಯದ ವಿಮಾನಗಳು ನಾಶವಾಗಿವೆ ಎಂದು ಉಕ್ರೇನ್ ಭದ್ರತಾ ಸೇವೆ ಹೇಳಿಕೊಂಡಿದೆ. ಒಲೆನ್ಯಾ, ಬೆಲಾಯಾ, ಡಯಾಘಿಲೆವೊ ಮತ್ತು ಇವಾನೊವೊ ವಾಯುನೆಲೆಗಳ ಮೇಲೆ ದಾಳಿ ನಡೆದಿದೆ. ಅಧ್ಯಕ್ಷ ಝೆಲೆನ್‌ಸ್ಕಿ ಈ ಕಾರ್ಯಾಚರಣೆಯನ್ನು ಶ್ಲಾಘಿಸಿದ್ದಾರೆ. ರಷ್ಯಾ ರಕ್ಷಣಾ ಸಚಿವಾಲಯ ದಾಳಿಯನ್ನು ದೃಢಪಡಿಸಿದ್ದು ಕೆಲವು ಡ್ರೋನ್‌ಗಳನ್ನು ಹೊಡೆದುರುಳಿಸಲಾಗಿದೆ ಎಂದು ತಿಳಿಸಿದೆ. ಘಟನೆಯಲ್ಲಿ ಭಾಗಿಯಾದ ಶಂಕಿತರನ್ನು ಬಂಧಿಸಲಾಗಿದೆ. ಯುದ್ಧ ಆರಂಭವಾದ ಬಳಿಕ ರಷ್ಯಾದ ಮೇಲೆ ನಡೆದ ಅತಿದೊಡ್ಡ ದಾಳಿ ಇದಾಗಿದೆ. ಇಸ್ತಾಂಬುಲ್‌ನಲ್ಲಿ ಶಾಂತಿ ಮಾತುಕತೆ ನಿಗದಿಯಾಗಿರುವ ನಡುವೆ ಈ ಬೆಳವಣಿಗೆ ನಡೆದಿದೆ. ರಷ್ಯಾ ಸಹ ಉಕ್ರೇನ್ ಮೇಲೆ ಭಾರೀ ಕ್ಷಿಪಣಿ ದಾಳಿ ನಡೆಸಿದೆ. ಅಂತಾರಾಷ್ಟ್ರೀಯ ಸಮುದಾಯ ಎರಡೂ ದೇಶಗಳು ಸಂಯಮ ಕಾಯ್ದುಕೊಳ್ಳುವಂತೆ ಕರೆ ನೀಡಿದೆ.
ಸೇನೆ ತಿಳಿಸಿದೆ. ಉಕ್ರೇನ್‌ನ ಗ್ರಾಮಗಳನ್ನು ವಶಪಡಿಸಿಕೊಂಡ ರಷ್ಯಾ ಪಡೆಗಳು ಮುನ್ನಡೆ ಸಾಧಿಸುತ್ತಿವೆ. ಉಕ್ರೇನ್‌ನ ಉತ್ತರ ಸುಮಿ ಪ್ರದೇಶದ ಮತ್ತೊಂದು ಗ್ರಾಮವನ್ನು ವಶಪಡಿಸಿಕೊಂಡಿರುವುದಾಗಿ ರಷ್ಯಾ ರಕ್ಷಣಾ ಸಚಿವಾಲಯ ಹೇಳಿದೆ. ಈ ಪ್ರದೇಶದಲ್ಲಿ 50,000 ಕ್ಕೂ ಹೆಚ್ಚು ರಷ್ಯಾ ಸೈನಿಕರು ಜಮಾವಣೆಗೊಂಡಿದ್ದಾರೆ ಎಂದು ಉಕ್ರೇನ್ ಹೇಳಿದೆ. ಇಸ್ತಾಂಬುಲ್‌ನಲ್ಲಿ ಶಾಂತಿ ಮಾತುಕತೆ ಕೆಲ ದಿನಗಳಿಂದ ಸ್ಥಗಿತವಾಗಿದ್ದು ಉಭಯ ದೇಶಗಳ ನಿಯೋಗಗಳು ಭಾಗವಹಿಸುವ ನಿರೀಕ್ಷೆ ಇದೆ. ಈ ಡ್ರೋನ್‌ಗಳನ್ನು ಟ್ರಕ್‌ಗಳಲ್ಲಿ ಅಡಗಿಸಿಡಲಾಗಿತ್ತು. ಇದು ಜಾಗತಿಕ ಮಟ್ಟದಲ್ಲಿ ಚರ್ಚೆಗೆ ಕಾರಣವಾಗಿದೆ. ಉಕ್ರೇನ್‌ನ ಭದ್ರತಾ ಸೇವೆ (ಎಸ್‌ಬಿಯು) ಮುಖ್ಯಸ್ಥರು ಕಾರ್ಯಾಚರಣೆಯ ನೇತೃತ್ವ ವಹಿಸಿದ್ದರು. ರಷ್ಯಾ ಕಾರ್ಯತಂತ್ರದ ಬಾಂಬರ್ ವಿಮಾನಗಳ ಪೈಕಿ ಶೇ. 34 ರಷ್ಟು ಹಾನಿಗೊಳಗಾಗಿವೆ. ಇವುಗಳಲ್ಲಿ ಟಿಯು–95, ಟಿಯು–22ಎಂ3 ಮತ್ತು ಎ–50 ಗಸ್ತು ವಿಮಾನಗಳು ಸೇರಿವೆ. ಇದೀಗ ಪೆಂಟಗನ್ ಸಹ ಈ ಕಾರ್ಯಾಚರಣೆಯ ವಿವರಗಳನ್ನು ಪರಿಶೀಲಿಸುತ್ತಿದೆ. ರಷ್ಯಾ ಪ್ರತೀಕಾರದ ದಾಳಿಗೆ ಸಿದ್ಧತೆ ನಡೆಸುತ್ತಿದೆ ಎನ್ನಲಾಗಿದೆ. ಇದರ ಪರಿಣಾಮ ಯುದ್ಧ ಮತ್ತಷ್ಟು ವಿಸ್ತರಿಸುವ ಆತಂಕ ಎದುರಾಗಿದೆ. ಕಾರ್ಯತಂತ್ರದ ದೃಷ್ಟಿಯಿಂದ ಈ ದಾಳಿ ಮಹತ್ವ ಪಡೆದುಕೊಂಡಿದೆ.
